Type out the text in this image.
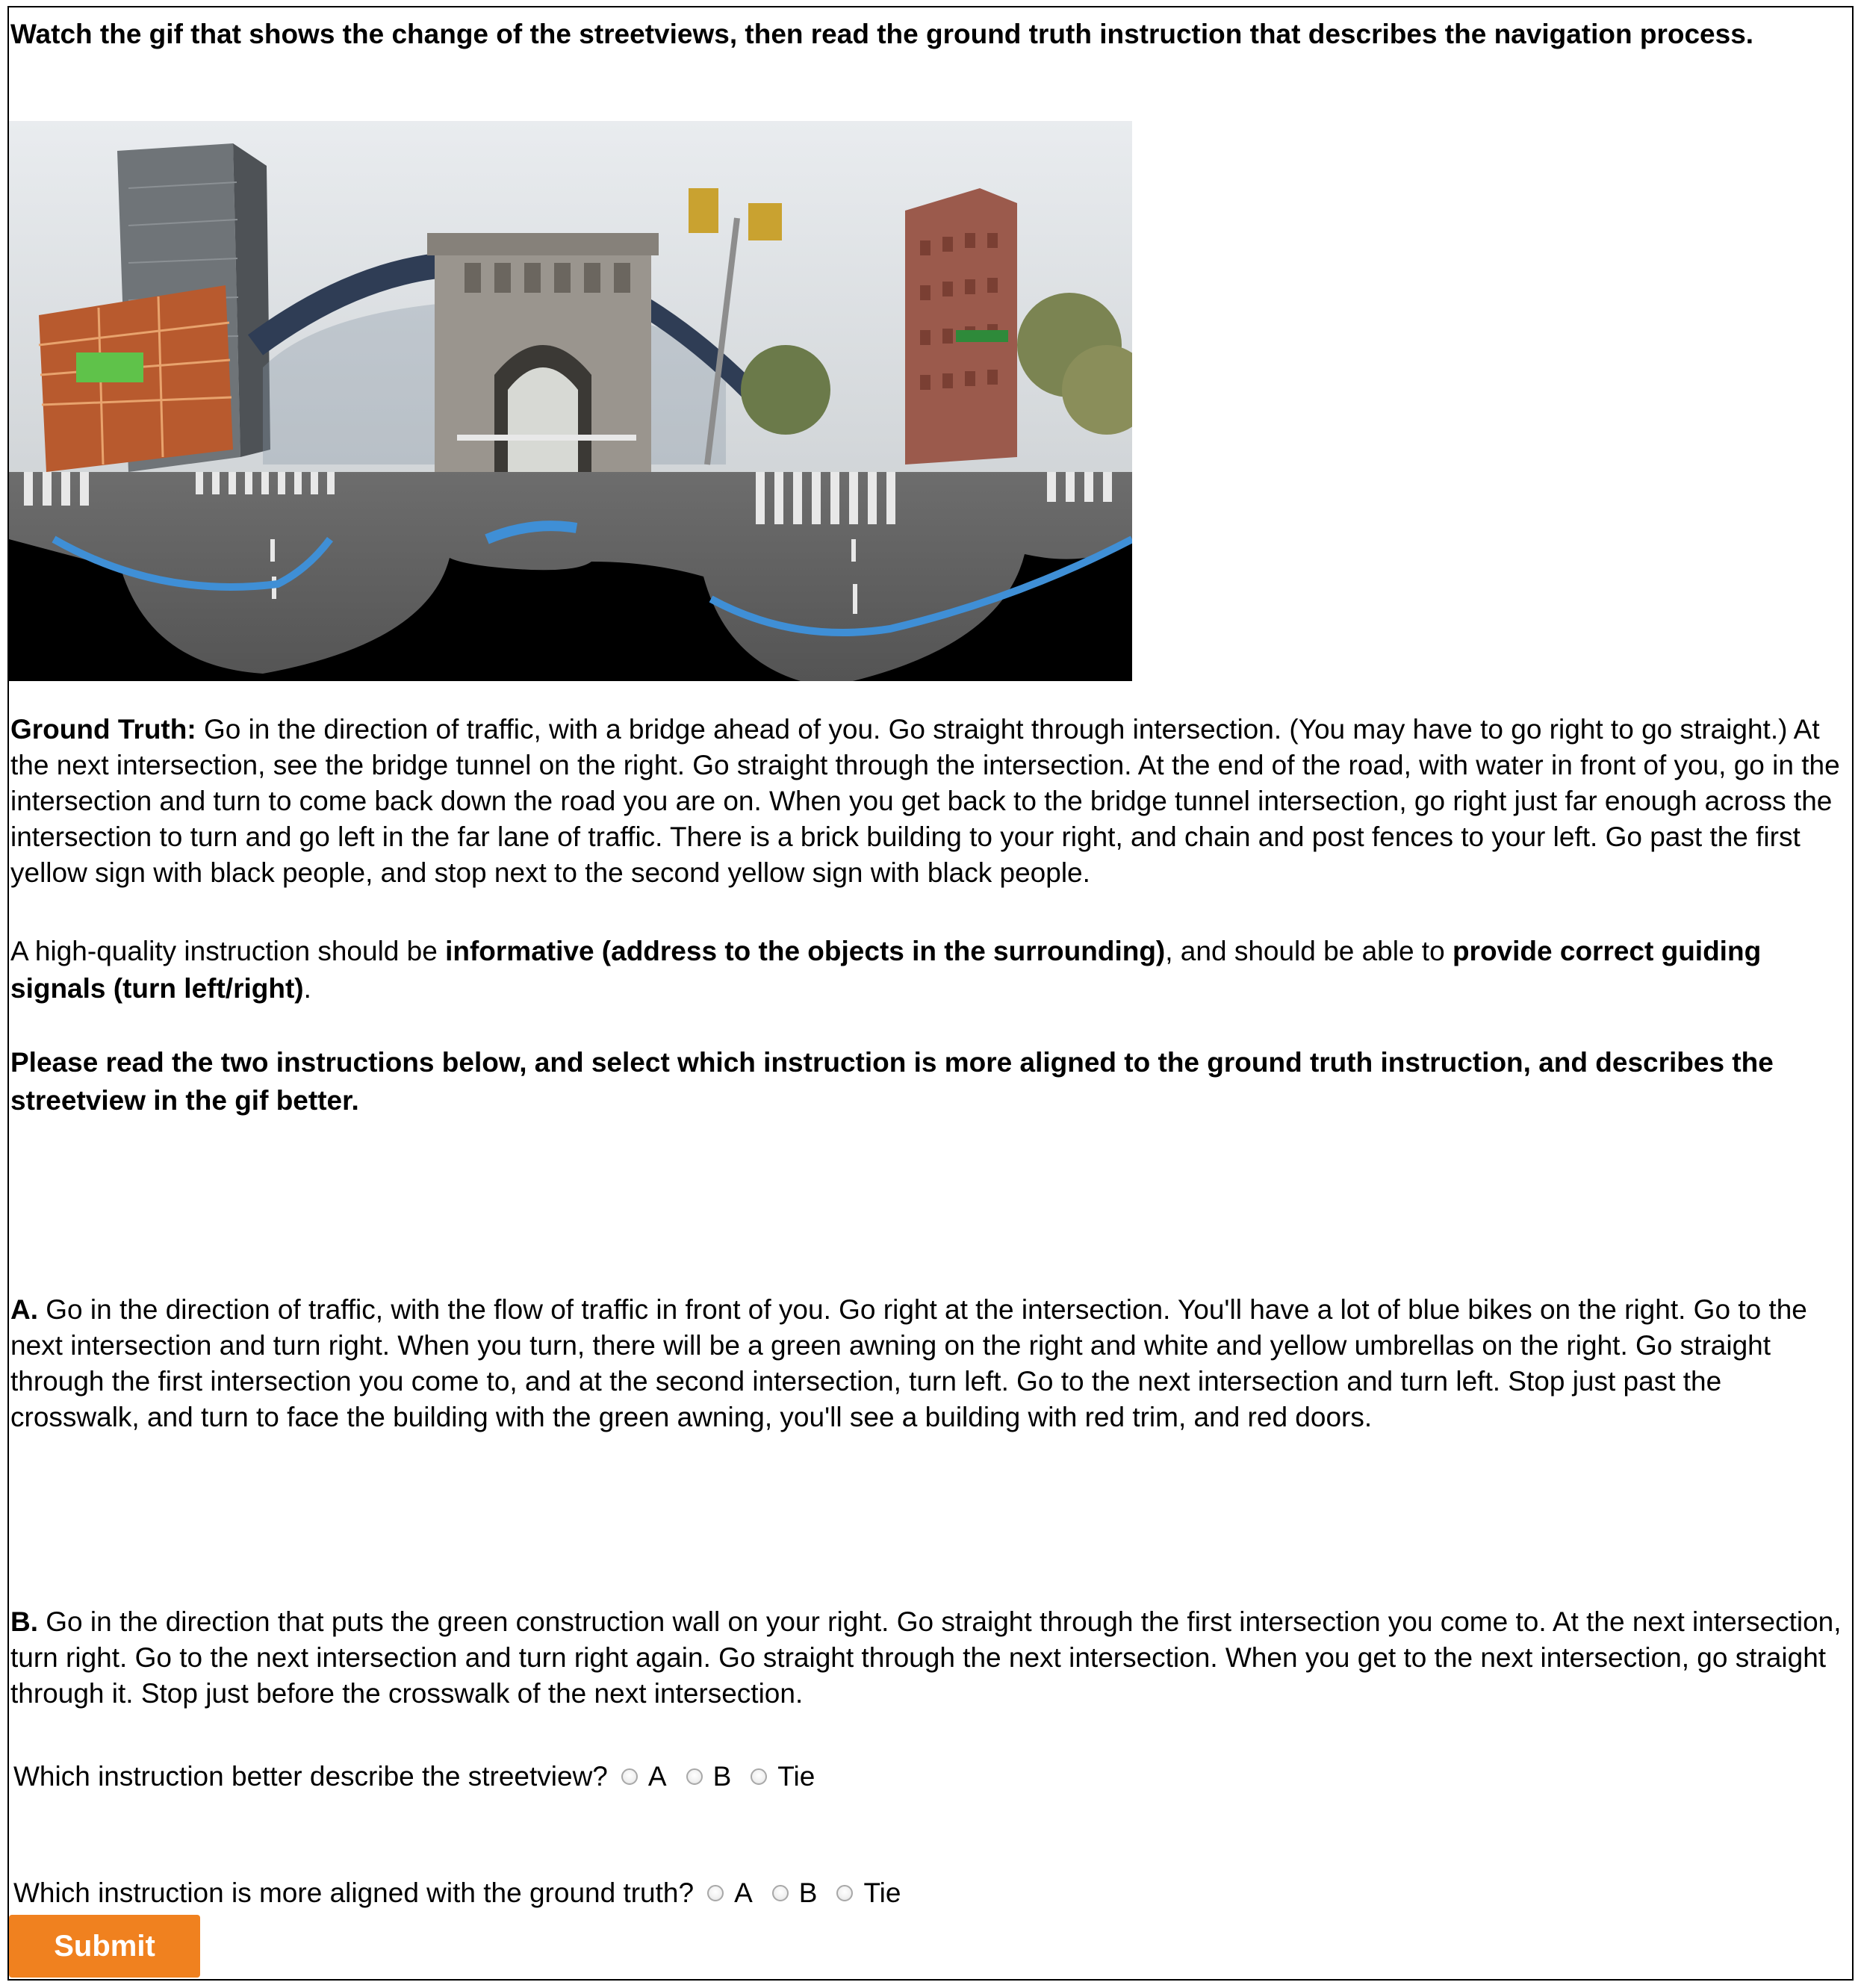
Watch the gif that shows the change of the streetviews, then read the ground truth instruction that describes the navigation process.

Ground Truth: Go in the direction of traffic, with a bridge ahead of you. Go straight through intersection. (You may have to go right to go straight.) At the next intersection, see the bridge tunnel on the right. Go straight through the intersection. At the end of the road, with water in front of you, go in the intersection and turn to come back down the road you are on. When you get back to the bridge tunnel intersection, go right just far enough across the intersection to turn and go left in the far lane of traffic. There is a brick building to your right, and chain and post fences to your left. Go past the first yellow sign with black people, and stop next to the second yellow sign with black people.

A high-quality instruction should be informative (address to the objects in the surrounding), and should be able to provide correct guiding signals (turn left/right).

Please read the two instructions below, and select which instruction is more aligned to the ground truth instruction, and describes the streetview in the gif better.

A. Go in the direction of traffic, with the flow of traffic in front of you. Go right at the intersection. You'll have a lot of blue bikes on the right. Go to the next intersection and turn right. When you turn, there will be a green awning on the right and white and yellow umbrellas on the right. Go straight through the first intersection you come to, and at the second intersection, turn left. Go to the next intersection and turn left. Stop just past the crosswalk, and turn to face the building with the green awning, you'll see a building with red trim, and red doors.

B. Go in the direction that puts the green construction wall on your right. Go straight through the first intersection you come to. At the next intersection, turn right. Go to the next intersection and turn right again. Go straight through the next intersection. When you get to the next intersection, go straight through it. Stop just before the crosswalk of the next intersection.

Which instruction better describe the streetview? A B Tie
Which instruction is more aligned with the ground truth? A B Tie
Submit
